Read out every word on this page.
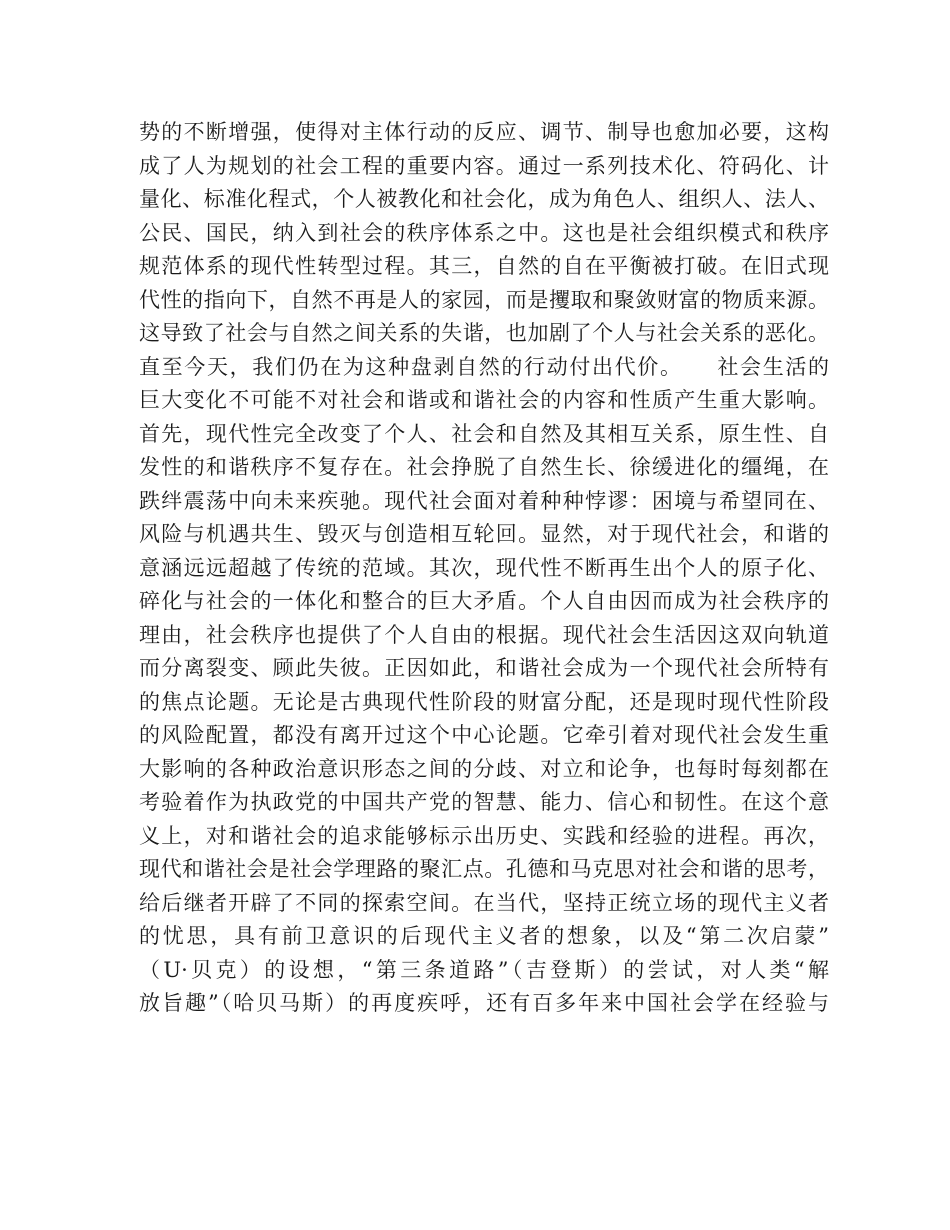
势的不断增强，使得对主体行动的反应、调节、制导也愈加必要，这构
成了人为规划的社会工程的重要内容。通过一系列技术化、符码化、计
量化、标准化程式，个人被教化和社会化，成为角色人、组织人、法人、
公民、国民，纳入到社会的秩序体系之中。这也是社会组织模式和秩序
规范体系的现代性转型过程。其三，自然的自在平衡被打破。在旧式现
代性的指向下，自然不再是人的家园，而是攫取和聚敛财富的物质来源。
这导致了社会与自然之间关系的失谐，也加剧了个人与社会关系的恶化。
直至今天，我们仍在为这种盘剥自然的行动付出代价。　　社会生活的
巨大变化不可能不对社会和谐或和谐社会的内容和性质产生重大影响。
首先，现代性完全改变了个人、社会和自然及其相互关系，原生性、自
发性的和谐秩序不复存在。社会挣脱了自然生长、徐缓进化的缰绳，在
跌绊震荡中向未来疾驰。现代社会面对着种种悖谬：困境与希望同在、
风险与机遇共生、毁灭与创造相互轮回。显然，对于现代社会，和谐的
意涵远远超越了传统的范域。其次，现代性不断再生出个人的原子化、
碎化与社会的一体化和整合的巨大矛盾。个人自由因而成为社会秩序的
理由，社会秩序也提供了个人自由的根据。现代社会生活因这双向轨道
而分离裂变、顾此失彼。正因如此，和谐社会成为一个现代社会所特有
的焦点论题。无论是古典现代性阶段的财富分配，还是现时现代性阶段
的风险配置，都没有离开过这个中心论题。它牵引着对现代社会发生重
大影响的各种政治意识形态之间的分歧、对立和论争，也每时每刻都在
考验着作为执政党的中国共产党的智慧、能力、信心和韧性。在这个意
义上，对和谐社会的追求能够标示出历史、实践和经验的进程。再次，
现代和谐社会是社会学理路的聚汇点。孔德和马克思对社会和谐的思考，
给后继者开辟了不同的探索空间。在当代，坚持正统立场的现代主义者
的忧思，具有前卫意识的后现代主义者的想象，以及“第二次启蒙”
（U·贝克）的设想，“第三条道路”（吉登斯）的尝试，对人类“解
放旨趣”（哈贝马斯）的再度疾呼，还有百多年来中国社会学在经验与
